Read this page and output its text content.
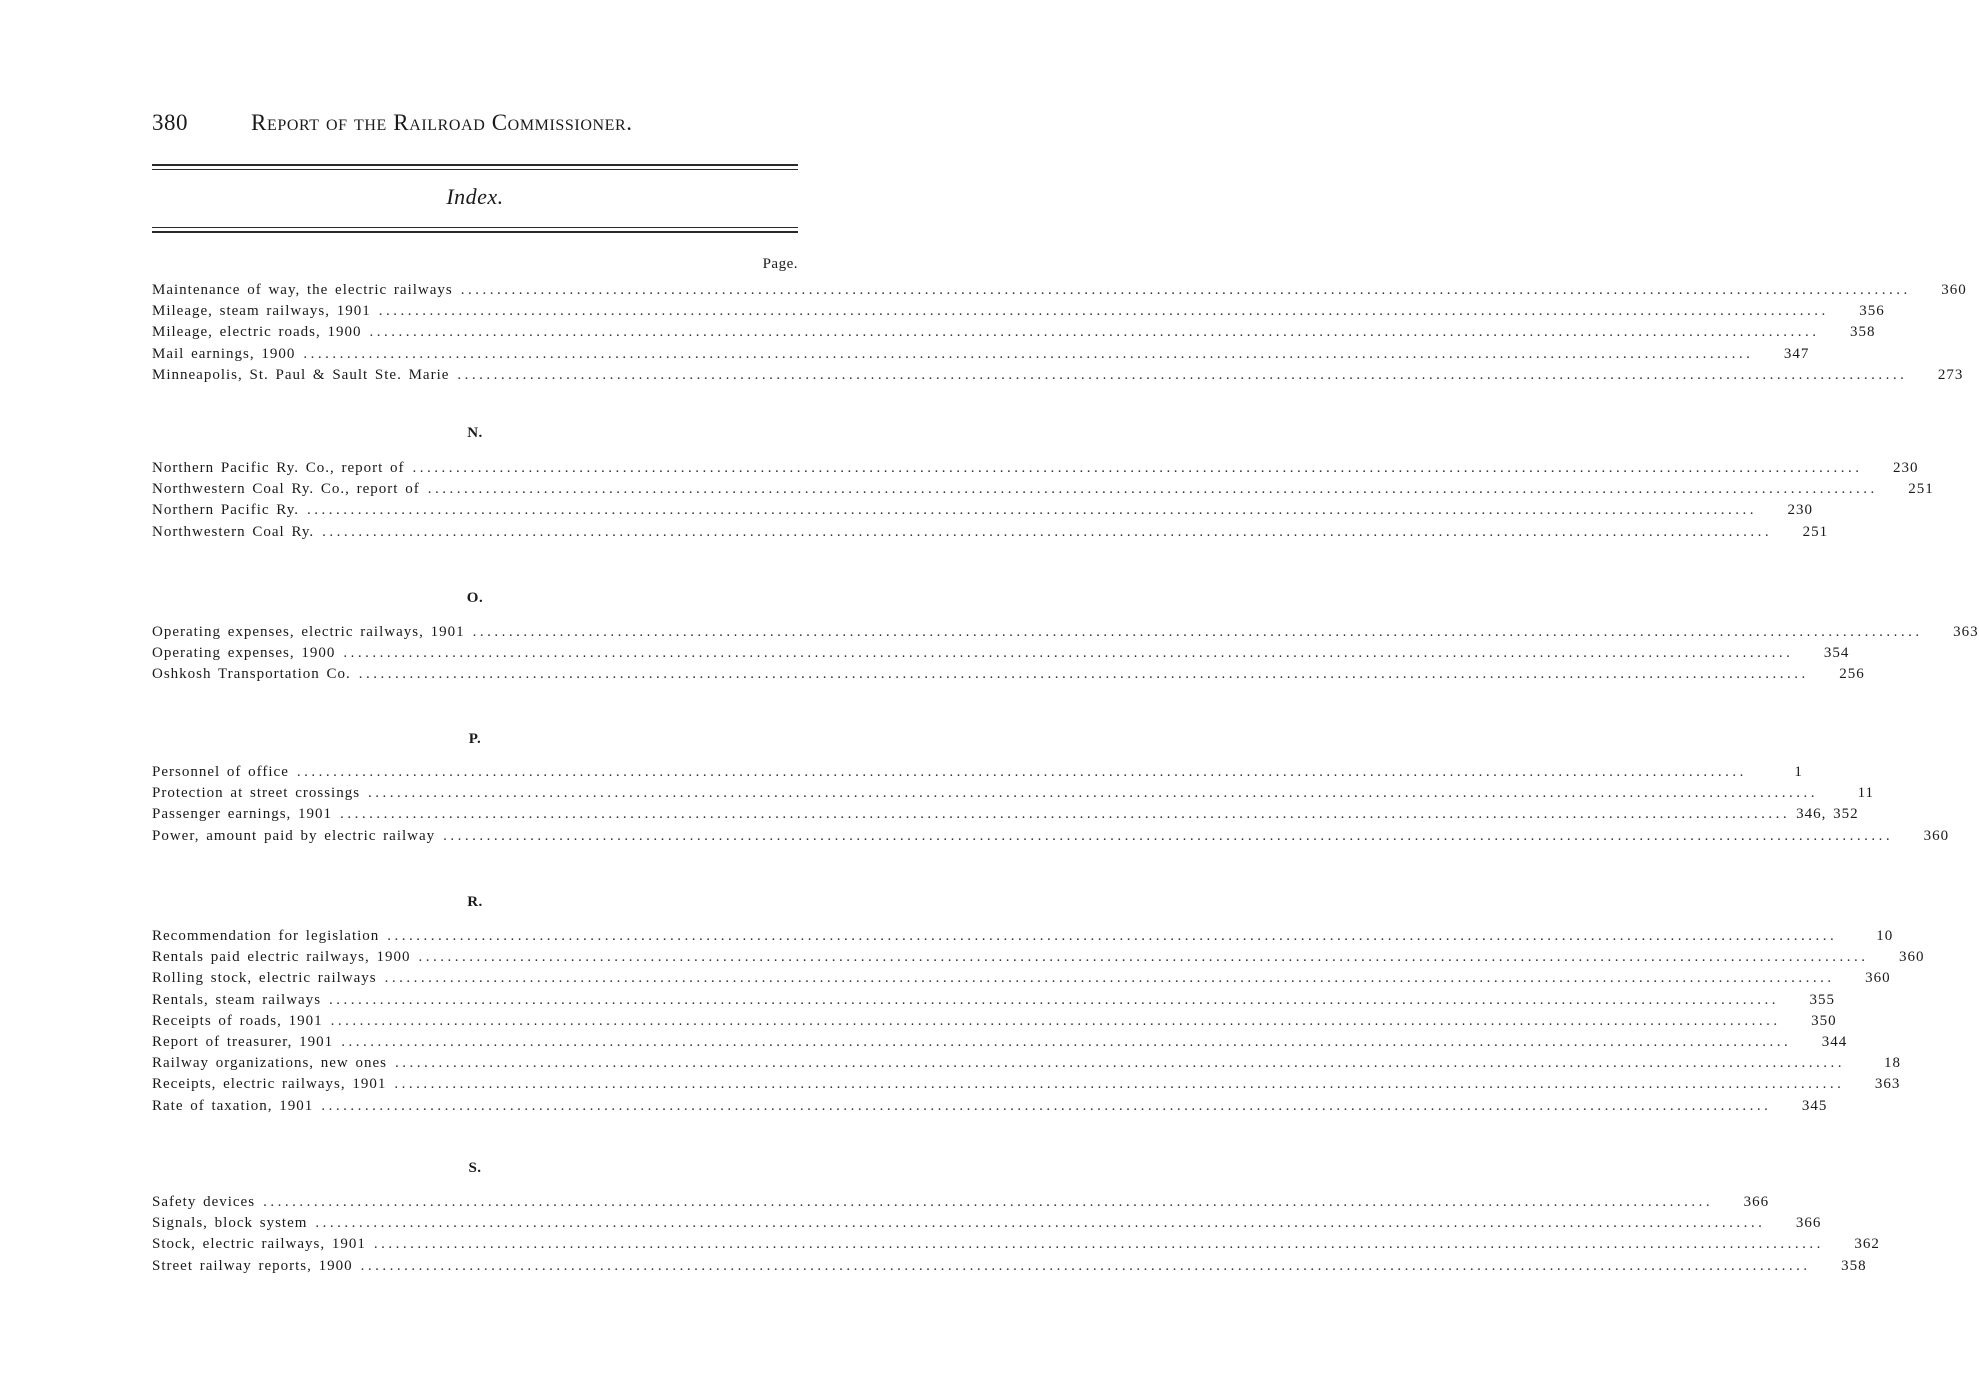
380	Report of the Railroad Commissioner.
Index.
Page.
Maintenance of way, the electric railways ........................................................................................................................................................................................................	360
Mileage, steam railways, 1901 ........................................................................................................................................................................................................	356
Mileage, electric roads, 1900 ........................................................................................................................................................................................................	358
Mail earnings, 1900 ........................................................................................................................................................................................................	347
Minneapolis, St. Paul & Sault Ste. Marie ........................................................................................................................................................................................................	273
N.
Northern Pacific Ry. Co., report of ........................................................................................................................................................................................................	230
Northwestern Coal Ry. Co., report of ........................................................................................................................................................................................................	251
Northern Pacific Ry. ........................................................................................................................................................................................................	230
Northwestern Coal Ry. ........................................................................................................................................................................................................	251
O.
Operating expenses, electric railways, 1901 ........................................................................................................................................................................................................	363
Operating expenses, 1900 ........................................................................................................................................................................................................	354
Oshkosh Transportation Co. ........................................................................................................................................................................................................	256
P.
Personnel of office ........................................................................................................................................................................................................	1
Protection at street crossings ........................................................................................................................................................................................................	11
Passenger earnings, 1901 ........................................................................................................................................................................................................ 346, 352
Power, amount paid by electric railway ........................................................................................................................................................................................................	360
R.
Recommendation for legislation ........................................................................................................................................................................................................	10
Rentals paid electric railways, 1900 ........................................................................................................................................................................................................	360
Rolling stock, electric railways ........................................................................................................................................................................................................	360
Rentals, steam railways ........................................................................................................................................................................................................	355
Receipts of roads, 1901 ........................................................................................................................................................................................................	350
Report of treasurer, 1901 ........................................................................................................................................................................................................	344
Railway organizations, new ones ........................................................................................................................................................................................................	18
Receipts, electric railways, 1901 ........................................................................................................................................................................................................	363
Rate of taxation, 1901 ........................................................................................................................................................................................................	345
S.
Safety devices ........................................................................................................................................................................................................	366
Signals, block system ........................................................................................................................................................................................................	366
Stock, electric railways, 1901 ........................................................................................................................................................................................................	362
Street railway reports, 1900 ........................................................................................................................................................................................................	358
